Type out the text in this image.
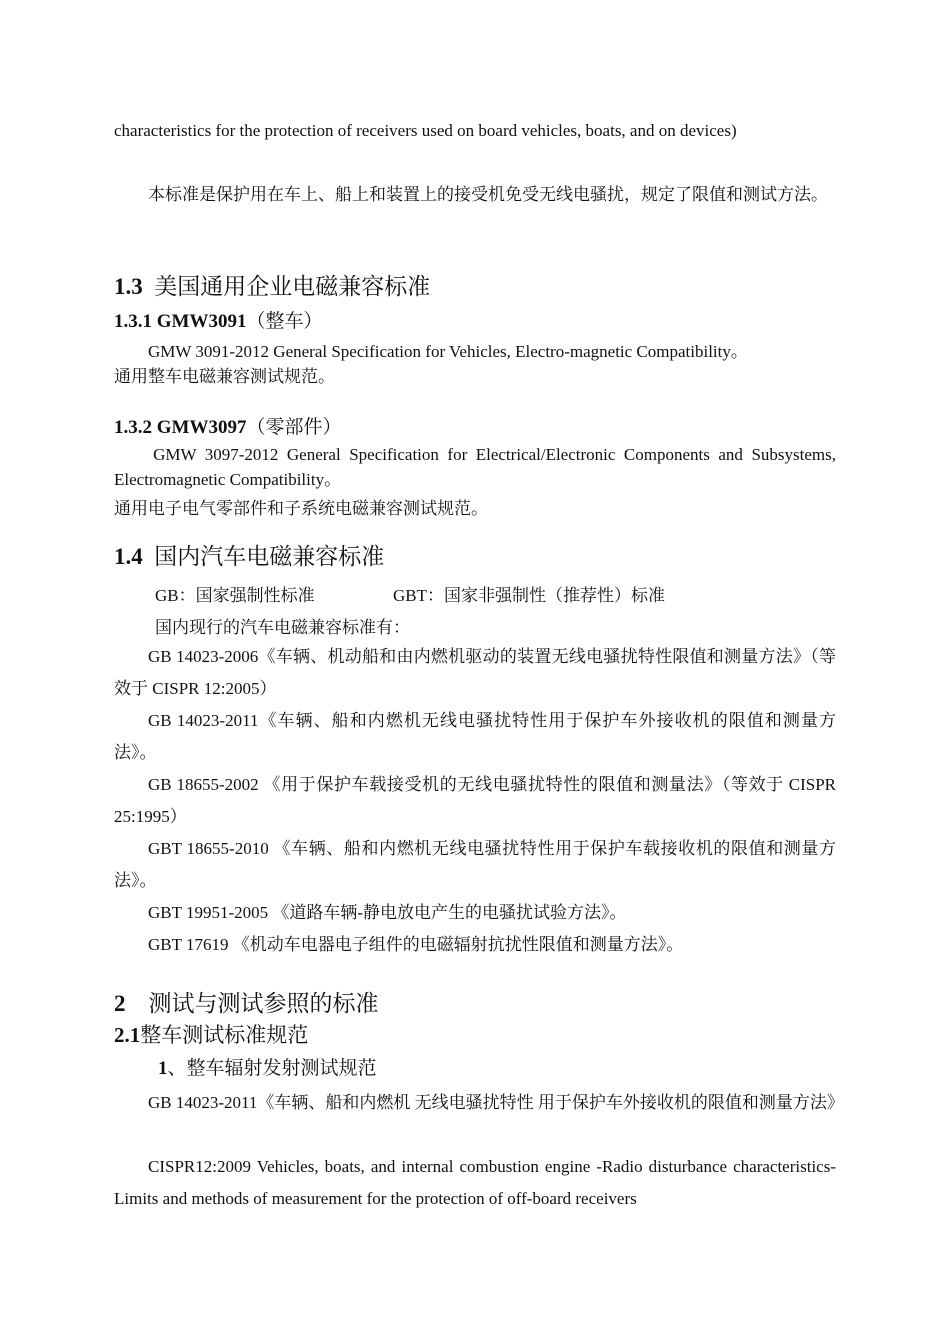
characteristics for the protection of receivers used on board vehicles, boats, and on devices)

本标准是保护用在车上、船上和装置上的接受机免受无线电骚扰，规定了限值和测试方法。

1.3 美国通用企业电磁兼容标准
1.3.1 GMW3091（整车）

GMW 3091-2012 General Specification for Vehicles, Electro-magnetic Compatibility。

通用整车电磁兼容测试规范。

1.3.2 GMW3097（零部件）

GMW 3097-2012 General Specification for Electrical/Electronic Components and Subsystems, Electromagnetic Compatibility。

通用电子电气零部件和子系统电磁兼容测试规范。

1.4 国内汽车电磁兼容标准

GB：国家强制性标准	GBT：国家非强制性（推荐性）标准

国内现行的汽车电磁兼容标准有：

GB 14023-2006《车辆、机动船和由内燃机驱动的装置无线电骚扰特性限值和测量方法》（等效于 CISPR 12:2005）

GB 14023-2011《车辆、船和内燃机无线电骚扰特性用于保护车外接收机的限值和测量方法》。

GB 18655-2002 《用于保护车载接受机的无线电骚扰特性的限值和测量法》（等效于 CISPR 25:1995）

GBT 18655-2010 《车辆、船和内燃机无线电骚扰特性用于保护车载接收机的限值和测量方法》。

GBT 19951-2005 《道路车辆-静电放电产生的电骚扰试验方法》。

GBT 17619 《机动车电器电子组件的电磁辐射抗扰性限值和测量方法》。

2 测试与测试参照的标准
2.1整车测试标准规范
1、整车辐射发射测试规范

GB 14023-2011《车辆、船和内燃机 无线电骚扰特性 用于保护车外接收机的限值和测量方法》

CISPR12:2009 Vehicles, boats, and internal combustion engine -Radio disturbance characteristics-Limits and methods of measurement for the protection of off-board receivers
